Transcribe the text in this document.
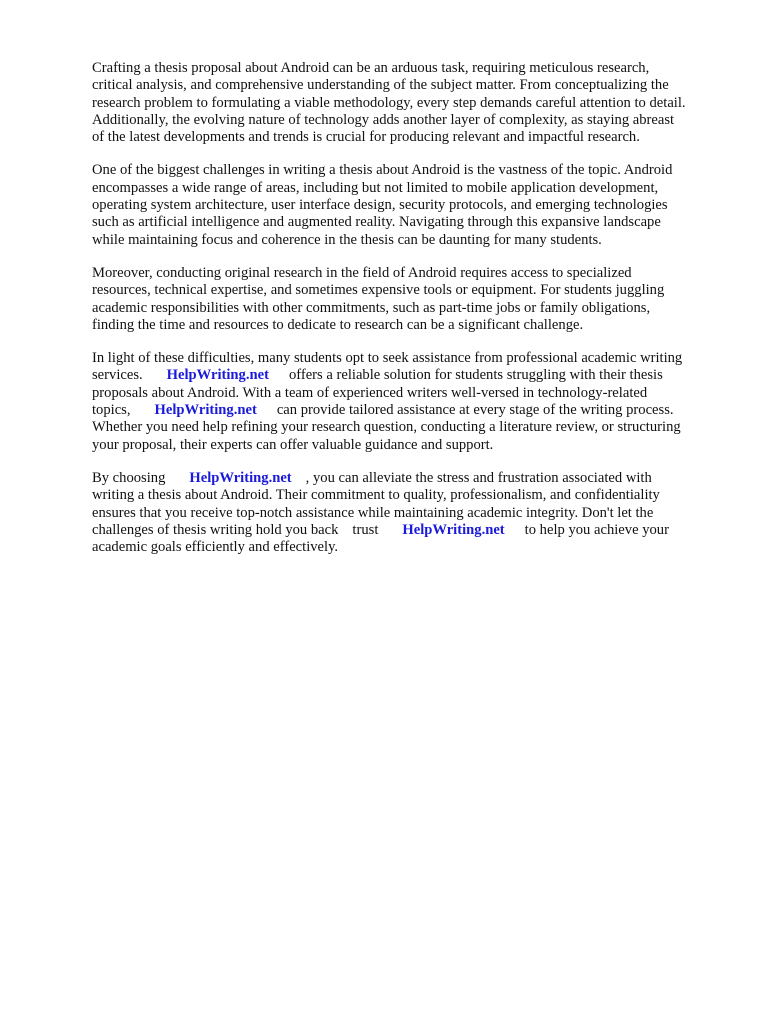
Crafting a thesis proposal about Android can be an arduous task, requiring meticulous research,
critical analysis, and comprehensive understanding of the subject matter. From conceptualizing the
research problem to formulating a viable methodology, every step demands careful attention to detail.
Additionally, the evolving nature of technology adds another layer of complexity, as staying abreast
of the latest developments and trends is crucial for producing relevant and impactful research.

One of the biggest challenges in writing a thesis about Android is the vastness of the topic. Android
encompasses a wide range of areas, including but not limited to mobile application development,
operating system architecture, user interface design, security protocols, and emerging technologies
such as artificial intelligence and augmented reality. Navigating through this expansive landscape
while maintaining focus and coherence in the thesis can be daunting for many students.

Moreover, conducting original research in the field of Android requires access to specialized
resources, technical expertise, and sometimes expensive tools or equipment. For students juggling
academic responsibilities with other commitments, such as part-time jobs or family obligations,
finding the time and resources to dedicate to research can be a significant challenge.

In light of these difficulties, many students opt to seek assistance from professional academic writing
services. HelpWriting.net offers a reliable solution for students struggling with their thesis
proposals about Android. With a team of experienced writers well-versed in technology-related
topics, HelpWriting.net can provide tailored assistance at every stage of the writing process.
Whether you need help refining your research question, conducting a literature review, or structuring
your proposal, their experts can offer valuable guidance and support.

By choosing HelpWriting.net , you can alleviate the stress and frustration associated with
writing a thesis about Android. Their commitment to quality, professionalism, and confidentiality
ensures that you receive top-notch assistance while maintaining academic integrity. Don't let the
challenges of thesis writing hold you back trust HelpWriting.net to help you achieve your
academic goals efficiently and effectively.
